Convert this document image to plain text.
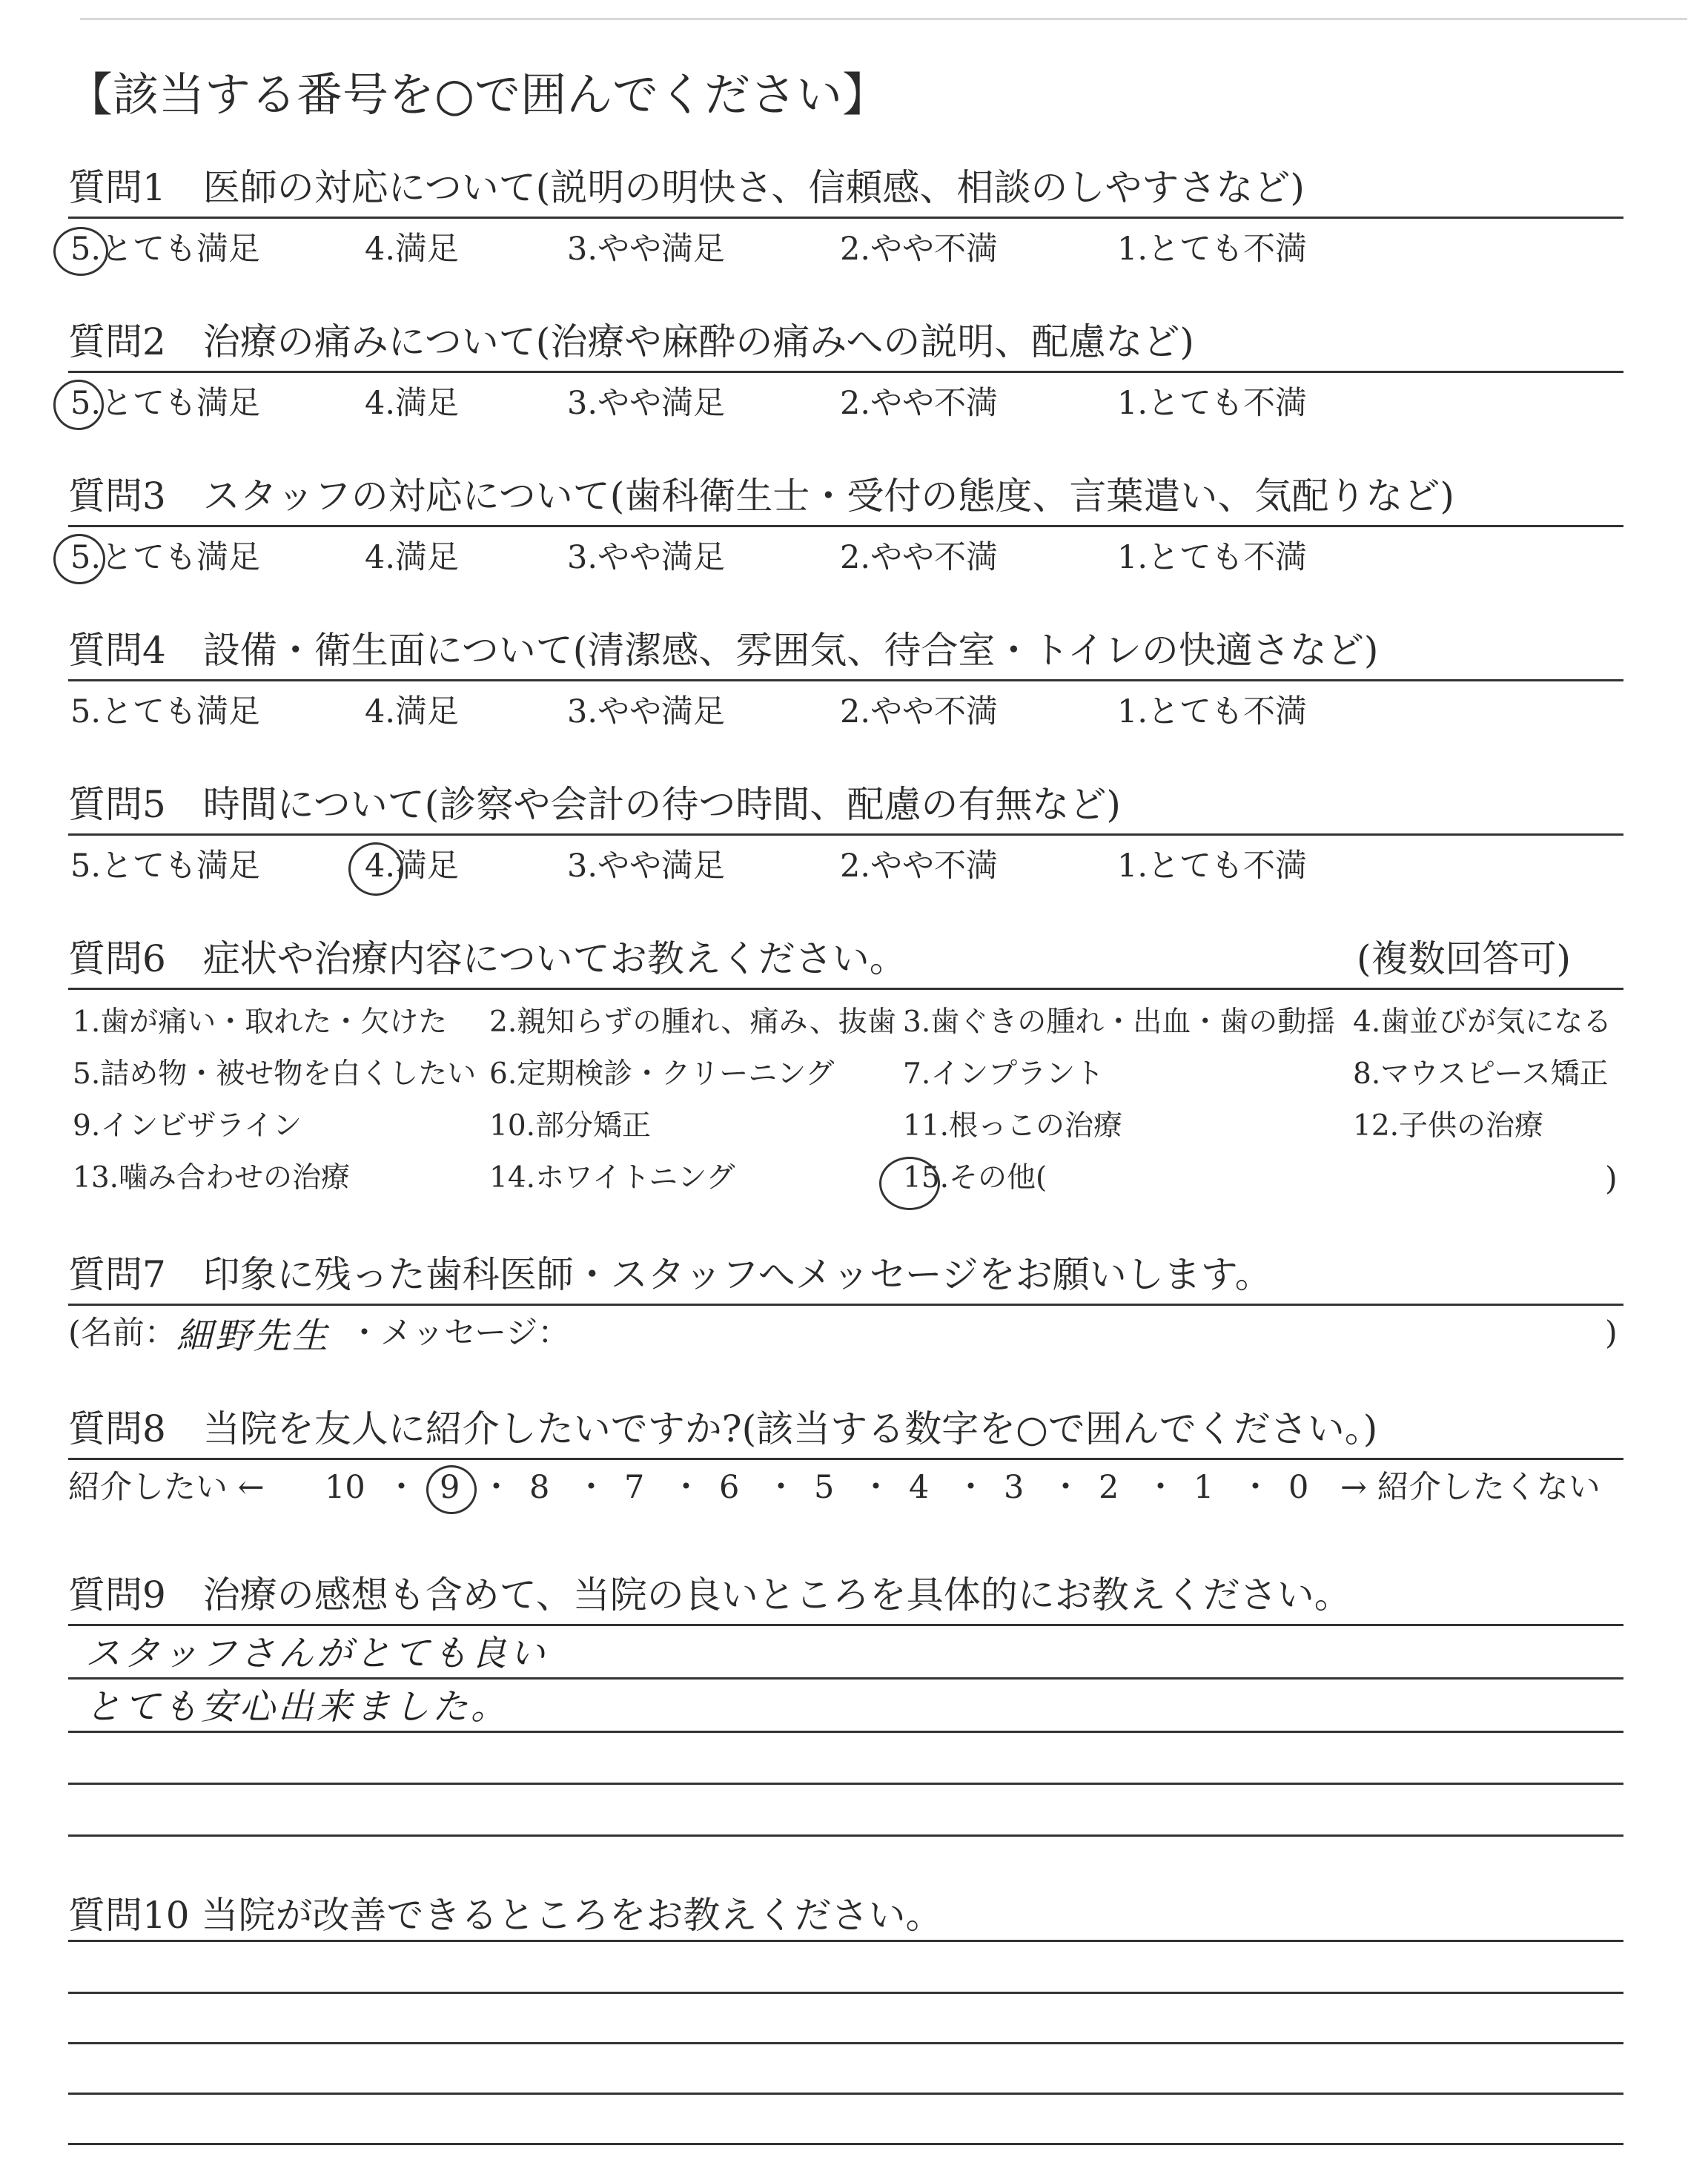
【該当する番号を○で囲んでください】
質問1　医師の対応について(説明の明快さ、信頼感、相談のしやすさなど)
5.とても満足	4.満足	3.やや満足	2.やや不満	1.とても不満
質問2　治療の痛みについて(治療や麻酔の痛みへの説明、配慮など)
5.とても満足	4.満足	3.やや満足	2.やや不満	1.とても不満
質問3　スタッフの対応について(歯科衛生士・受付の態度、言葉遣い、気配りなど)
5.とても満足	4.満足	3.やや満足	2.やや不満	1.とても不満
質問4　設備・衛生面について(清潔感、雰囲気、待合室・トイレの快適さなど)
5.とても満足	4.満足	3.やや満足	2.やや不満	1.とても不満
質問5　時間について(診察や会計の待つ時間、配慮の有無など)
5.とても満足	4.満足	3.やや満足	2.やや不満	1.とても不満
質問6　症状や治療内容についてお教えください。	(複数回答可)
1.歯が痛い・取れた・欠けた 2.親知らずの腫れ、痛み、抜歯 3.歯ぐきの腫れ・出血・歯の動揺 4.歯並びが気になる
5.詰め物・被せ物を白くしたい 6.定期検診・クリーニング 7.インプラント	8.マウスピース矯正
9.インビザライン	10.部分矯正	11.根っこの治療	12.子供の治療
13.噛み合わせの治療	14.ホワイトニング	15.その他(	)
質問7　印象に残った歯科医師・スタッフへメッセージをお願いします。
(名前： 細野先生 ・メッセージ：	)
質問8　当院を友人に紹介したいですか?(該当する数字を○で囲んでください。)
紹介したい ← 10 ・ 9 ・ 8 ・ 7 ・ 6 ・ 5 ・ 4 ・ 3 ・ 2 ・ 1 ・ 0 → 紹介したくない
質問9　治療の感想も含めて、当院の良いところを具体的にお教えください。
スタッフさんがとても良い
とても安心出来ました。
質問10 当院が改善できるところをお教えください。
